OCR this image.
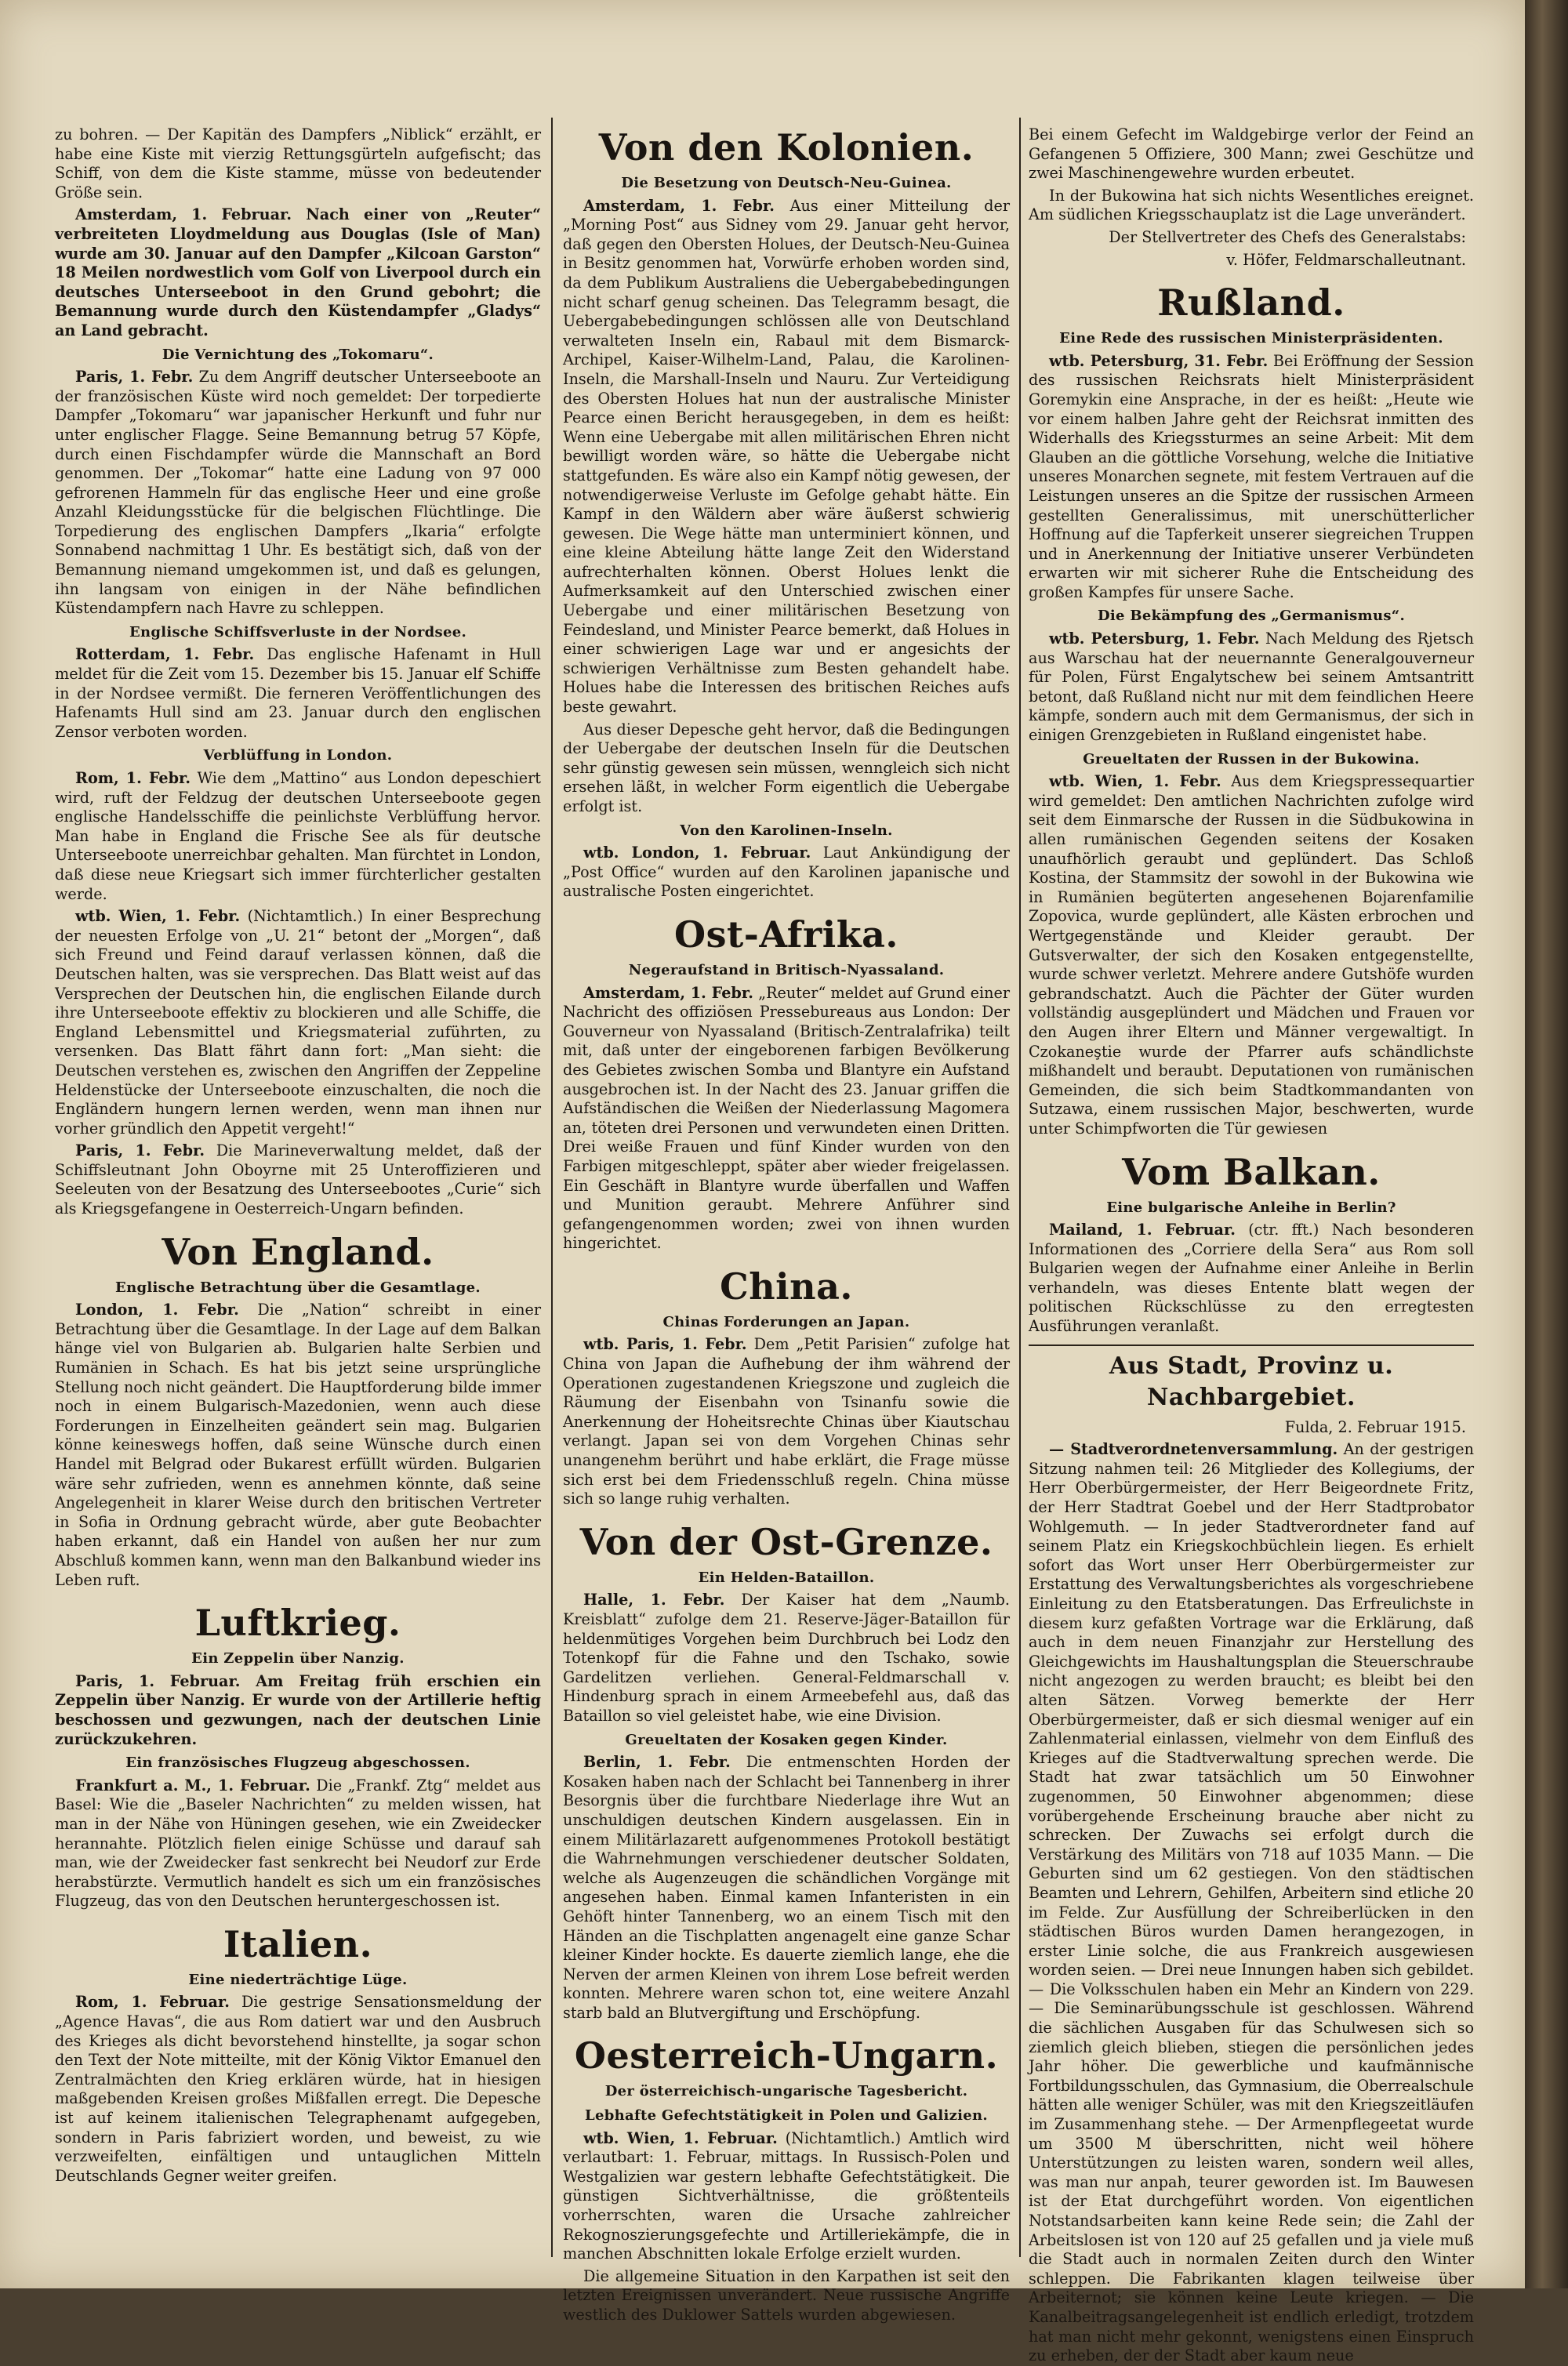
zu bohren. — Der Kapitän des Dampfers „Niblick“ erzählt, er habe eine Kiste mit vierzig Rettungsgürteln aufgefischt; das Schiff, von dem die Kiste stamme, müsse von bedeutender Größe sein.

Amsterdam, 1. Februar. Nach einer von „Reuter“ verbreiteten Lloydmeldung aus Douglas (Isle of Man) wurde am 30. Januar auf den Dampfer „Kilcoan Garston“ 18 Meilen nordwestlich vom Golf von Liverpool durch ein deutsches Unterseeboot in den Grund gebohrt; die Bemannung wurde durch den Küstendampfer „Gladys“ an Land gebracht.

Die Vernichtung des „Tokomaru“.

Paris, 1. Febr. Zu dem Angriff deutscher Unterseeboote an der französischen Küste wird noch gemeldet: Der torpedierte Dampfer „Tokomaru“ war japanischer Herkunft und fuhr nur unter englischer Flagge. Seine Bemannung betrug 57 Köpfe, durch einen Fischdampfer würde die Mannschaft an Bord genommen. Der „Tokomar“ hatte eine Ladung von 97 000 gefrorenen Hammeln für das englische Heer und eine große Anzahl Kleidungsstücke für die belgischen Flüchtlinge. Die Torpedierung des englischen Dampfers „Ikaria“ erfolgte Sonnabend nachmittag 1 Uhr. Es bestätigt sich, daß von der Bemannung niemand umgekommen ist, und daß es gelungen, ihn langsam von einigen in der Nähe befindlichen Küstendampfern nach Havre zu schleppen.

Englische Schiffsverluste in der Nordsee.

Rotterdam, 1. Febr. Das englische Hafenamt in Hull meldet für die Zeit vom 15. Dezember bis 15. Januar elf Schiffe in der Nordsee vermißt. Die ferneren Veröffentlichungen des Hafenamts Hull sind am 23. Januar durch den englischen Zensor verboten worden.

Verblüffung in London.

Rom, 1. Febr. Wie dem „Mattino“ aus London depeschiert wird, ruft der Feldzug der deutschen Unterseeboote gegen englische Handelsschiffe die peinlichste Verblüffung hervor. Man habe in England die Frische See als für deutsche Unterseeboote unerreichbar gehalten. Man fürchtet in London, daß diese neue Kriegsart sich immer fürchterlicher gestalten werde.

wtb. Wien, 1. Febr. (Nichtamtlich.) In einer Besprechung der neuesten Erfolge von „U. 21“ betont der „Morgen“, daß sich Freund und Feind darauf verlassen können, daß die Deutschen halten, was sie versprechen. Das Blatt weist auf das Versprechen der Deutschen hin, die englischen Eilande durch ihre Unterseeboote effektiv zu blockieren und alle Schiffe, die England Lebensmittel und Kriegsmaterial zuführten, zu versenken. Das Blatt fährt dann fort: „Man sieht: die Deutschen verstehen es, zwischen den Angriffen der Zeppeline Heldenstücke der Unterseeboote einzuschalten, die noch die Engländern hungern lernen werden, wenn man ihnen nur vorher gründlich den Appetit vergeht!“

Paris, 1. Febr. Die Marineverwaltung meldet, daß der Schiffsleutnant John Oboyrne mit 25 Unteroffizieren und Seeleuten von der Besatzung des Unterseebootes „Curie“ sich als Kriegsgefangene in Oesterreich-Ungarn befinden.

Von England.
Englische Betrachtung über die Gesamtlage.

London, 1. Febr. Die „Nation“ schreibt in einer Betrachtung über die Gesamtlage. In der Lage auf dem Balkan hänge viel von Bulgarien ab. Bulgarien halte Serbien und Rumänien in Schach. Es hat bis jetzt seine ursprüngliche Stellung noch nicht geändert. Die Hauptforderung bilde immer noch in einem Bulgarisch-Mazedonien, wenn auch diese Forderungen in Einzelheiten geändert sein mag. Bulgarien könne keineswegs hoffen, daß seine Wünsche durch einen Handel mit Belgrad oder Bukarest erfüllt würden. Bulgarien wäre sehr zufrieden, wenn es annehmen könnte, daß seine Angelegenheit in klarer Weise durch den britischen Vertreter in Sofia in Ordnung gebracht würde, aber gute Beobachter haben erkannt, daß ein Handel von außen her nur zum Abschluß kommen kann, wenn man den Balkanbund wieder ins Leben ruft.

Luftkrieg.
Ein Zeppelin über Nanzig.

Paris, 1. Februar. Am Freitag früh erschien ein Zeppelin über Nanzig. Er wurde von der Artillerie heftig beschossen und gezwungen, nach der deutschen Linie zurückzukehren.

Ein französisches Flugzeug abgeschossen.

Frankfurt a. M., 1. Februar. Die „Frankf. Ztg“ meldet aus Basel: Wie die „Baseler Nachrichten“ zu melden wissen, hat man in der Nähe von Hüningen gesehen, wie ein Zweidecker herannahte. Plötzlich fielen einige Schüsse und darauf sah man, wie der Zweidecker fast senkrecht bei Neudorf zur Erde herabstürzte. Vermutlich handelt es sich um ein französisches Flugzeug, das von den Deutschen heruntergeschossen ist.

Italien.
Eine niederträchtige Lüge.

Rom, 1. Februar. Die gestrige Sensationsmeldung der „Agence Havas“, die aus Rom datiert war und den Ausbruch des Krieges als dicht bevorstehend hinstellte, ja sogar schon den Text der Note mitteilte, mit der König Viktor Emanuel den Zentralmächten den Krieg erklären würde, hat in hiesigen maßgebenden Kreisen großes Mißfallen erregt. Die Depesche ist auf keinem italienischen Telegraphenamt aufgegeben, sondern in Paris fabriziert worden, und beweist, zu wie verzweifelten, einfältigen und untauglichen Mitteln Deutschlands Gegner weiter greifen.

Von den Kolonien.
Die Besetzung von Deutsch-Neu-Guinea.

Amsterdam, 1. Febr. Aus einer Mitteilung der „Morning Post“ aus Sidney vom 29. Januar geht hervor, daß gegen den Obersten Holues, der Deutsch-Neu-Guinea in Besitz genommen hat, Vorwürfe erhoben worden sind, da dem Publikum Australiens die Uebergabebedingungen nicht scharf genug scheinen. Das Telegramm besagt, die Uebergabebedingungen schlössen alle von Deutschland verwalteten Inseln ein, Rabaul mit dem Bismarck-Archipel, Kaiser-Wilhelm-Land, Palau, die Karolinen-Inseln, die Marshall-Inseln und Nauru. Zur Verteidigung des Obersten Holues hat nun der australische Minister Pearce einen Bericht herausgegeben, in dem es heißt: Wenn eine Uebergabe mit allen militärischen Ehren nicht bewilligt worden wäre, so hätte die Uebergabe nicht stattgefunden. Es wäre also ein Kampf nötig gewesen, der notwendigerweise Verluste im Gefolge gehabt hätte. Ein Kampf in den Wäldern aber wäre äußerst schwierig gewesen. Die Wege hätte man unterminiert können, und eine kleine Abteilung hätte lange Zeit den Widerstand aufrechterhalten können. Oberst Holues lenkt die Aufmerksamkeit auf den Unterschied zwischen einer Uebergabe und einer militärischen Besetzung von Feindesland, und Minister Pearce bemerkt, daß Holues in einer schwierigen Lage war und er angesichts der schwierigen Verhältnisse zum Besten gehandelt habe. Holues habe die Interessen des britischen Reiches aufs beste gewahrt.

Aus dieser Depesche geht hervor, daß die Bedingungen der Uebergabe der deutschen Inseln für die Deutschen sehr günstig gewesen sein müssen, wenngleich sich nicht ersehen läßt, in welcher Form eigentlich die Uebergabe erfolgt ist.

Von den Karolinen-Inseln.

wtb. London, 1. Februar. Laut Ankündigung der „Post Office“ wurden auf den Karolinen japanische und australische Posten eingerichtet.

Ost-Afrika.
Negeraufstand in Britisch-Nyassaland.

Amsterdam, 1. Febr. „Reuter“ meldet auf Grund einer Nachricht des offiziösen Pressebureaus aus London: Der Gouverneur von Nyassaland (Britisch-Zentralafrika) teilt mit, daß unter der eingeborenen farbigen Bevölkerung des Gebietes zwischen Somba und Blantyre ein Aufstand ausgebrochen ist. In der Nacht des 23. Januar griffen die Aufständischen die Weißen der Niederlassung Magomera an, töteten drei Personen und verwundeten einen Dritten. Drei weiße Frauen und fünf Kinder wurden von den Farbigen mitgeschleppt, später aber wieder freigelassen. Ein Geschäft in Blantyre wurde überfallen und Waffen und Munition geraubt. Mehrere Anführer sind gefangengenommen worden; zwei von ihnen wurden hingerichtet.

China.
Chinas Forderungen an Japan.

wtb. Paris, 1. Febr. Dem „Petit Parisien“ zufolge hat China von Japan die Aufhebung der ihm während der Operationen zugestandenen Kriegszone und zugleich die Räumung der Eisenbahn von Tsinanfu sowie die Anerkennung der Hoheitsrechte Chinas über Kiautschau verlangt. Japan sei von dem Vorgehen Chinas sehr unangenehm berührt und habe erklärt, die Frage müsse sich erst bei dem Friedensschluß regeln. China müsse sich so lange ruhig verhalten.

Von der Ost-Grenze.
Ein Helden-Bataillon.

Halle, 1. Febr. Der Kaiser hat dem „Naumb. Kreisblatt“ zufolge dem 21. Reserve-Jäger-Bataillon für heldenmütiges Vorgehen beim Durchbruch bei Lodz den Totenkopf für die Fahne und den Tschako, sowie Gardelitzen verliehen. General-Feldmarschall v. Hindenburg sprach in einem Armeebefehl aus, daß das Bataillon so viel geleistet habe, wie eine Division.

Greueltaten der Kosaken gegen Kinder.

Berlin, 1. Febr. Die entmenschten Horden der Kosaken haben nach der Schlacht bei Tannenberg in ihrer Besorgnis über die furchtbare Niederlage ihre Wut an unschuldigen deutschen Kindern ausgelassen. Ein in einem Militärlazarett aufgenommenes Protokoll bestätigt die Wahrnehmungen verschiedener deutscher Soldaten, welche als Augenzeugen die schändlichen Vorgänge mit angesehen haben. Einmal kamen Infanteristen in ein Gehöft hinter Tannenberg, wo an einem Tisch mit den Händen an die Tischplatten angenagelt eine ganze Schar kleiner Kinder hockte. Es dauerte ziemlich lange, ehe die Nerven der armen Kleinen von ihrem Lose befreit werden konnten. Mehrere waren schon tot, eine weitere Anzahl starb bald an Blutvergiftung und Erschöpfung.

Oesterreich-Ungarn.
Der österreichisch-ungarische Tagesbericht.
Lebhafte Gefechtstätigkeit in Polen und Galizien.

wtb. Wien, 1. Februar. (Nichtamtlich.) Amtlich wird verlautbart: 1. Februar, mittags. In Russisch-Polen und Westgalizien war gestern lebhafte Gefechtstätigkeit. Die günstigen Sichtverhältnisse, die größtenteils vorherrschten, waren die Ursache zahlreicher Rekognoszierungsgefechte und Artilleriekämpfe, die in manchen Abschnitten lokale Erfolge erzielt wurden.

Die allgemeine Situation in den Karpathen ist seit den letzten Ereignissen unverändert. Neue russische Angriffe westlich des Duklower Sattels wurden abgewiesen.

Bei einem Gefecht im Waldgebirge verlor der Feind an Gefangenen 5 Offiziere, 300 Mann; zwei Geschütze und zwei Maschinengewehre wurden erbeutet.

In der Bukowina hat sich nichts Wesentliches ereignet. Am südlichen Kriegsschauplatz ist die Lage unverändert.

Der Stellvertreter des Chefs des Generalstabs:

v. Höfer, Feldmarschalleutnant.

Rußland.
Eine Rede des russischen Ministerpräsidenten.

wtb. Petersburg, 31. Febr. Bei Eröffnung der Session des russischen Reichsrats hielt Ministerpräsident Goremykin eine Ansprache, in der es heißt: „Heute wie vor einem halben Jahre geht der Reichsrat inmitten des Widerhalls des Kriegssturmes an seine Arbeit: Mit dem Glauben an die göttliche Vorsehung, welche die Initiative unseres Monarchen segnete, mit festem Vertrauen auf die Leistungen unseres an die Spitze der russischen Armeen gestellten Generalissimus, mit unerschütterlicher Hoffnung auf die Tapferkeit unserer siegreichen Truppen und in Anerkennung der Initiative unserer Verbündeten erwarten wir mit sicherer Ruhe die Entscheidung des großen Kampfes für unsere Sache.

Die Bekämpfung des „Germanismus“.

wtb. Petersburg, 1. Febr. Nach Meldung des Rjetsch aus Warschau hat der neuernannte Generalgouverneur für Polen, Fürst Engalytschew bei seinem Amtsantritt betont, daß Rußland nicht nur mit dem feindlichen Heere kämpfe, sondern auch mit dem Germanismus, der sich in einigen Grenzgebieten in Rußland eingenistet habe.

Greueltaten der Russen in der Bukowina.

wtb. Wien, 1. Febr. Aus dem Kriegspressequartier wird gemeldet: Den amtlichen Nachrichten zufolge wird seit dem Einmarsche der Russen in die Südbukowina in allen rumänischen Gegenden seitens der Kosaken unaufhörlich geraubt und geplündert. Das Schloß Kostina, der Stammsitz der sowohl in der Bukowina wie in Rumänien begüterten angesehenen Bojarenfamilie Zopovica, wurde geplündert, alle Kästen erbrochen und Wertgegenstände und Kleider geraubt. Der Gutsverwalter, der sich den Kosaken entgegenstellte, wurde schwer verletzt. Mehrere andere Gutshöfe wurden gebrandschatzt. Auch die Pächter der Güter wurden vollständig ausgeplündert und Mädchen und Frauen vor den Augen ihrer Eltern und Männer vergewaltigt. In Czokaneştie wurde der Pfarrer aufs schändlichste mißhandelt und beraubt. Deputationen von rumänischen Gemeinden, die sich beim Stadtkommandanten von Sutzawa, einem russischen Major, beschwerten, wurde unter Schimpfworten die Tür gewiesen

Vom Balkan.
Eine bulgarische Anleihe in Berlin?

Mailand, 1. Februar. (ctr. fft.) Nach besonderen Informationen des „Corriere della Sera“ aus Rom soll Bulgarien wegen der Aufnahme einer Anleihe in Berlin verhandeln, was dieses Entente blatt wegen der politischen Rückschlüsse zu den erregtesten Ausführungen veranlaßt.

Aus Stadt, Provinz u. Nachbargebiet.

Fulda, 2. Februar 1915.

— Stadtverordnetenversammlung. An der gestrigen Sitzung nahmen teil: 26 Mitglieder des Kollegiums, der Herr Oberbürgermeister, der Herr Beigeordnete Fritz, der Herr Stadtrat Goebel und der Herr Stadtprobator Wohlgemuth. — In jeder Stadtverordneter fand auf seinem Platz ein Kriegskochbüchlein liegen. Es erhielt sofort das Wort unser Herr Oberbürgermeister zur Erstattung des Verwaltungsberichtes als vorgeschriebene Einleitung zu den Etatsberatungen. Das Erfreulichste in diesem kurz gefaßten Vortrage war die Erklärung, daß auch in dem neuen Finanzjahr zur Herstellung des Gleichgewichts im Haushaltungsplan die Steuerschraube nicht angezogen zu werden braucht; es bleibt bei den alten Sätzen. Vorweg bemerkte der Herr Oberbürgermeister, daß er sich diesmal weniger auf ein Zahlenmaterial einlassen, vielmehr von dem Einfluß des Krieges auf die Stadtverwaltung sprechen werde. Die Stadt hat zwar tatsächlich um 50 Einwohner zugenommen, 50 Einwohner abgenommen; diese vorübergehende Erscheinung brauche aber nicht zu schrecken. Der Zuwachs sei erfolgt durch die Verstärkung des Militärs von 718 auf 1035 Mann. — Die Geburten sind um 62 gestiegen. Von den städtischen Beamten und Lehrern, Gehilfen, Arbeitern sind etliche 20 im Felde. Zur Ausfüllung der Schreiberlücken in den städtischen Büros wurden Damen herangezogen, in erster Linie solche, die aus Frankreich ausgewiesen worden seien. — Drei neue Innungen haben sich gebildet. — Die Volksschulen haben ein Mehr an Kindern von 229. — Die Seminarübungsschule ist geschlossen. Während die sächlichen Ausgaben für das Schulwesen sich so ziemlich gleich blieben, stiegen die persönlichen jedes Jahr höher. Die gewerbliche und kaufmännische Fortbildungsschulen, das Gymnasium, die Oberrealschule hätten alle weniger Schüler, was mit den Kriegszeitläufen im Zusammenhang stehe. — Der Armenpflegeetat wurde um 3500 M überschritten, nicht weil höhere Unterstützungen zu leisten waren, sondern weil alles, was man nur anpah, teurer geworden ist. Im Bauwesen ist der Etat durchgeführt worden. Von eigentlichen Notstandsarbeiten kann keine Rede sein; die Zahl der Arbeitslosen ist von 120 auf 25 gefallen und ja viele muß die Stadt auch in normalen Zeiten durch den Winter schleppen. Die Fabrikanten klagen teilweise über Arbeiternot; sie können keine Leute kriegen. — Die Kanalbeitragsangelegenheit ist endlich erledigt, trotzdem hat man nicht mehr gekonnt, wenigstens einen Einspruch zu erheben, der der Stadt aber kaum neue
